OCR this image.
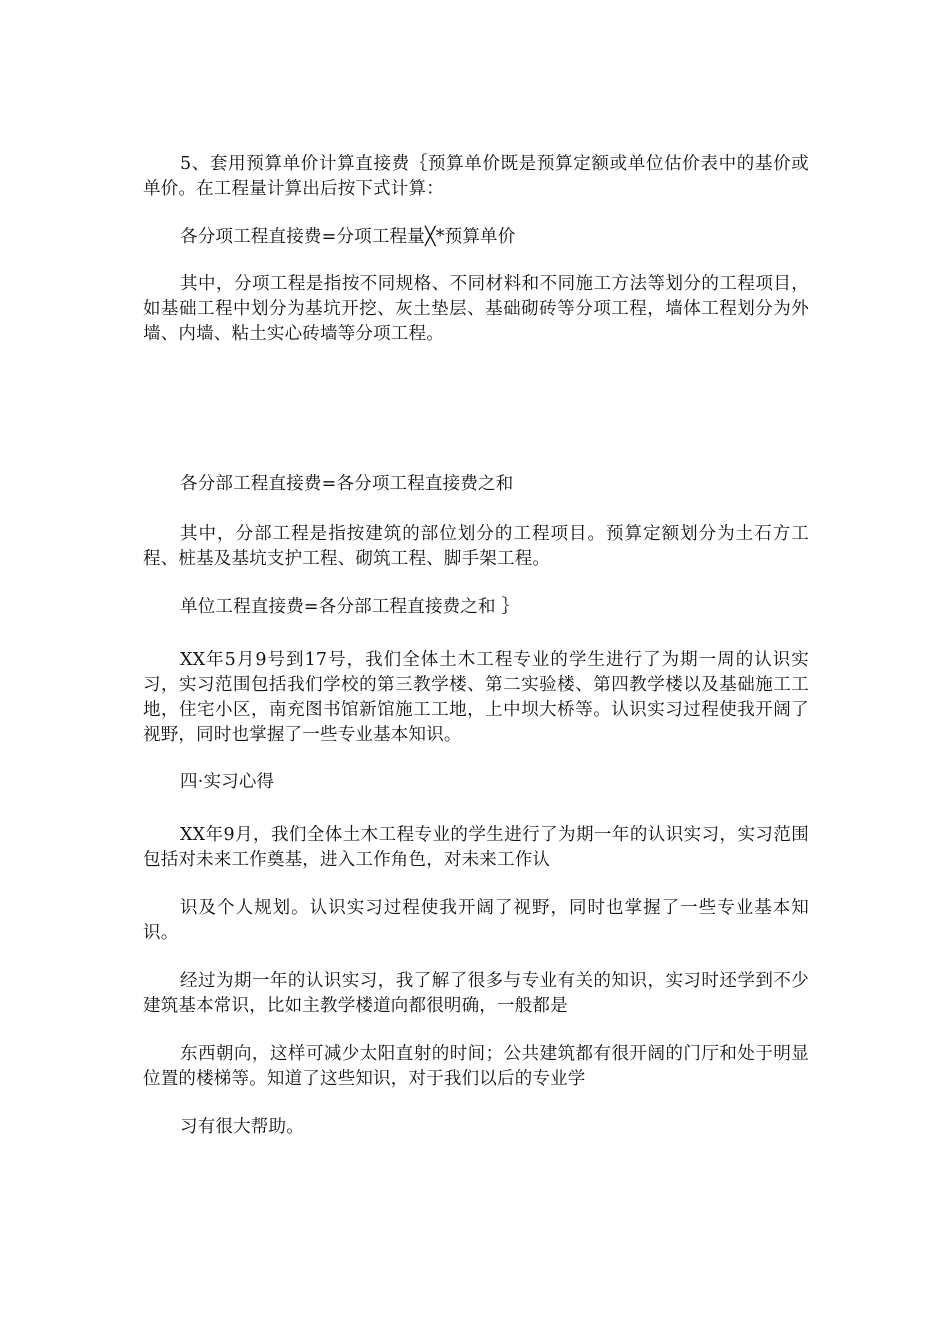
5、套用预算单价计算直接费｛预算单价既是预算定额或单位估价表中的基价或单价。在工程量计算出后按下式计算：

各分项工程直接费=分项工程量╳*预算单价

其中，分项工程是指按不同规格、不同材料和不同施工方法等划分的工程项目，如基础工程中划分为基坑开挖、灰土垫层、基础砌砖等分项工程，墙体工程划分为外墙、内墙、粘土实心砖墙等分项工程。

各分部工程直接费=各分项工程直接费之和

其中，分部工程是指按建筑的部位划分的工程项目。预算定额划分为土石方工程、桩基及基坑支护工程、砌筑工程、脚手架工程。

单位工程直接费=各分部工程直接费之和 ｝

XX年5月9号到17号，我们全体土木工程专业的学生进行了为期一周的认识实习，实习范围包括我们学校的第三教学楼、第二实验楼、第四教学楼以及基础施工工地，住宅小区，南充图书馆新馆施工工地，上中坝大桥等。认识实习过程使我开阔了视野，同时也掌握了一些专业基本知识。

四·实习心得

XX年9月，我们全体土木工程专业的学生进行了为期一年的认识实习，实习范围包括对未来工作奠基，进入工作角色，对未来工作认

识及个人规划。认识实习过程使我开阔了视野，同时也掌握了一些专业基本知识。

经过为期一年的认识实习，我了解了很多与专业有关的知识，实习时还学到不少建筑基本常识，比如主教学楼道向都很明确，一般都是

东西朝向，这样可减少太阳直射的时间；公共建筑都有很开阔的门厅和处于明显位置的楼梯等。知道了这些知识，对于我们以后的专业学

习有很大帮助。
